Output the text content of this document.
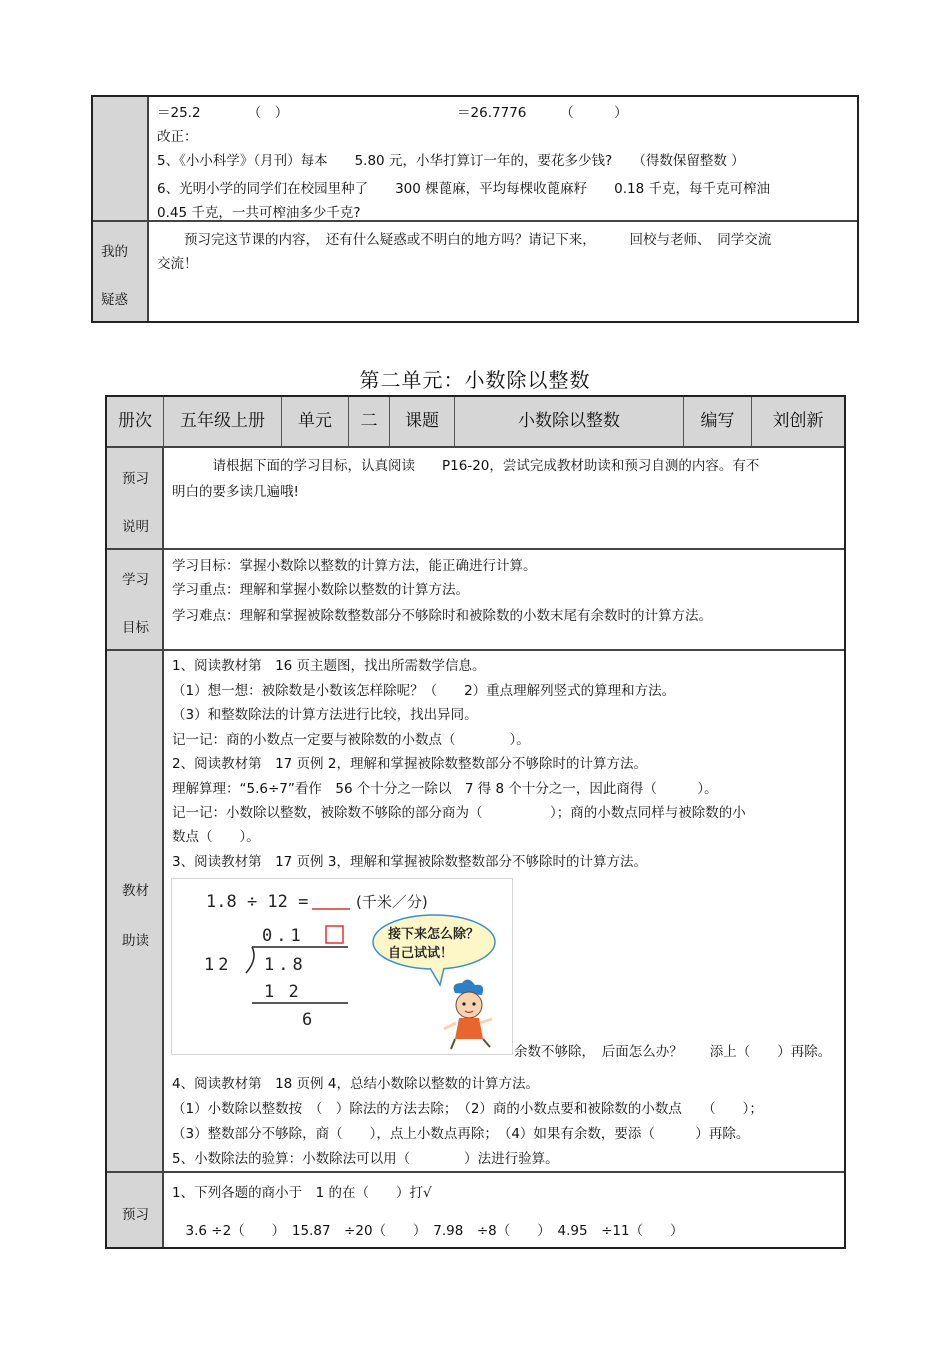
＝25.2　　　　（　）　　　　　　　　　　　　　＝26.7776　　　（　　　）
改正：
5、《小小科学》（月刊）每本　　5.80 元，小华打算订一年的，要花多少钱?　　（得数保留整数 ）
6、光明小学的同学们在校园里种了　　300 棵蓖麻，平均每棵收蓖麻籽　　0.18 千克，每千克可榨油
0.45 千克，一共可榨油多少千克?
我的
疑惑
　　预习完这节课的内容，　还有什么疑惑或不明白的地方吗？请记下来，　　　回校与老师、　同学交流
交流！
第二单元：小数除以整数
册次	五年级上册	单元	二	课题	小数除以整数	编写	刘创新
预习
说明
　　　请根据下面的学习目标，认真阅读　　P16-20，尝试完成教材助读和预习自测的内容。有不
明白的要多读几遍哦!
学习
目标
学习目标：掌握小数除以整数的计算方法，能正确进行计算。
学习重点：理解和掌握小数除以整数的计算方法。
学习难点：理解和掌握被除数整数部分不够除时和被除数的小数末尾有余数时的计算方法。
教材
助读
1、阅读教材第　16 页主题图，找出所需数学信息。
（1）想一想：被除数是小数该怎样除呢？（　　2）重点理解列竖式的算理和方法。
（3）和整数除法的计算方法进行比较，找出异同。
记一记：商的小数点一定要与被除数的小数点（　　　　）。
2、阅读教材第　17 页例 2，理解和掌握被除数整数部分不够除时的计算方法。
理解算理：“5.6÷7”看作　56 个十分之一除以　7 得 8 个十分之一，因此商得（　　　）。
记一记：小数除以整数，被除数不够除的部分商为（　　　　　）；商的小数点同样与被除数的小
数点（　　）。
3、阅读教材第　17 页例 3，理解和掌握被除数整数部分不够除时的计算方法。
1.8 ÷ 12 =	(千米／分)
0.1
12 1.8
1 2
6
接下来怎么除？
自己试试！
余数不够除，　后面怎么办？　　添上（　　）再除。
4、阅读教材第　18 页例 4，总结小数除以整数的计算方法。
（1）小数除以整数按　（　）除法的方法去除；　（2）商的小数点要和被除数的小数点　　（　　）；
（3）整数部分不够除，商（　　），点上小数点再除；　（4）如果有余数，要添（　　　）再除。
5、小数除法的验算：小数除法可以用（　　　　）法进行验算。
预习
1、下列各题的商小于　1 的在（　　）打√
　3.6 ÷2（　　）　15.87　÷20（　　）　7.98　÷8（　　）　4.95　÷11（　　）
